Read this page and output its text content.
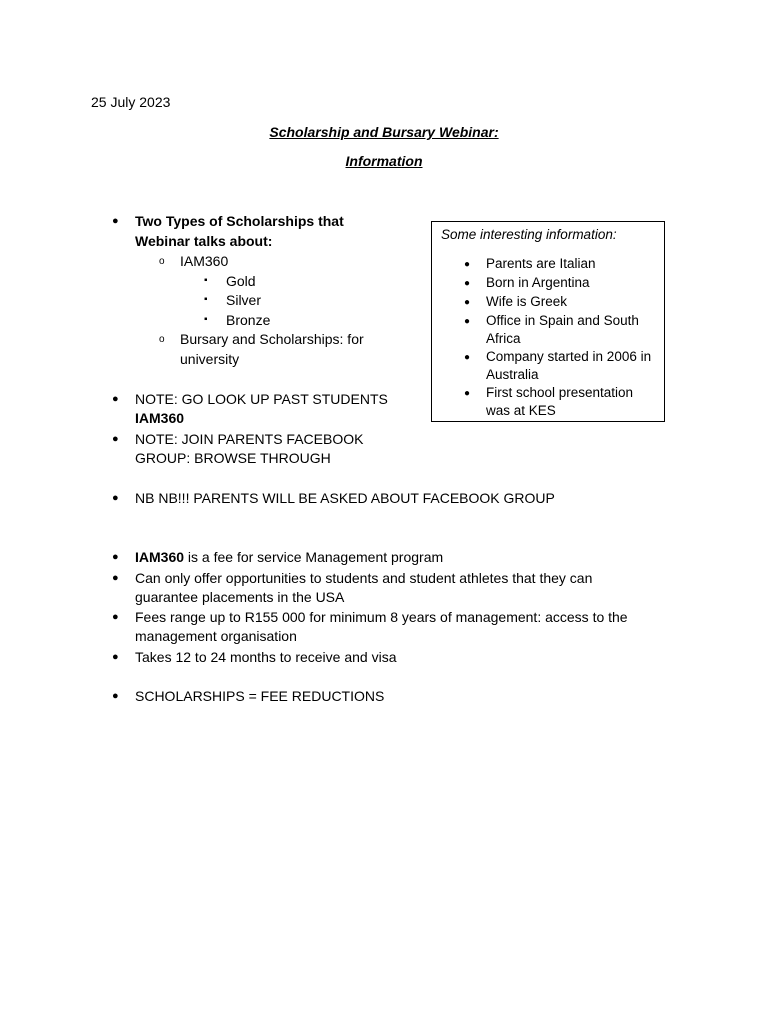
25 July 2023
Scholarship and Bursary Webinar:
Information
● Two Types of Scholarships that
Webinar talks about:
o IAM360
▪ Gold
▪ Silver
▪ Bronze
o Bursary and Scholarships: for
university
● NOTE: GO LOOK UP PAST STUDENTS
IAM360
● NOTE: JOIN PARENTS FACEBOOK
GROUP: BROWSE THROUGH
● NB NB!!! PARENTS WILL BE ASKED ABOUT FACEBOOK GROUP
● IAM360 is a fee for service Management program
● Can only offer opportunities to students and student athletes that they can
guarantee placements in the USA
● Fees range up to R155 000 for minimum 8 years of management: access to the
management organisation
● Takes 12 to 24 months to receive and visa
● SCHOLARSHIPS = FEE REDUCTIONS
Some interesting information:
● Parents are Italian
● Born in Argentina
● Wife is Greek
● Office in Spain and South
Africa
● Company started in 2006 in
Australia
● First school presentation
was at KES
